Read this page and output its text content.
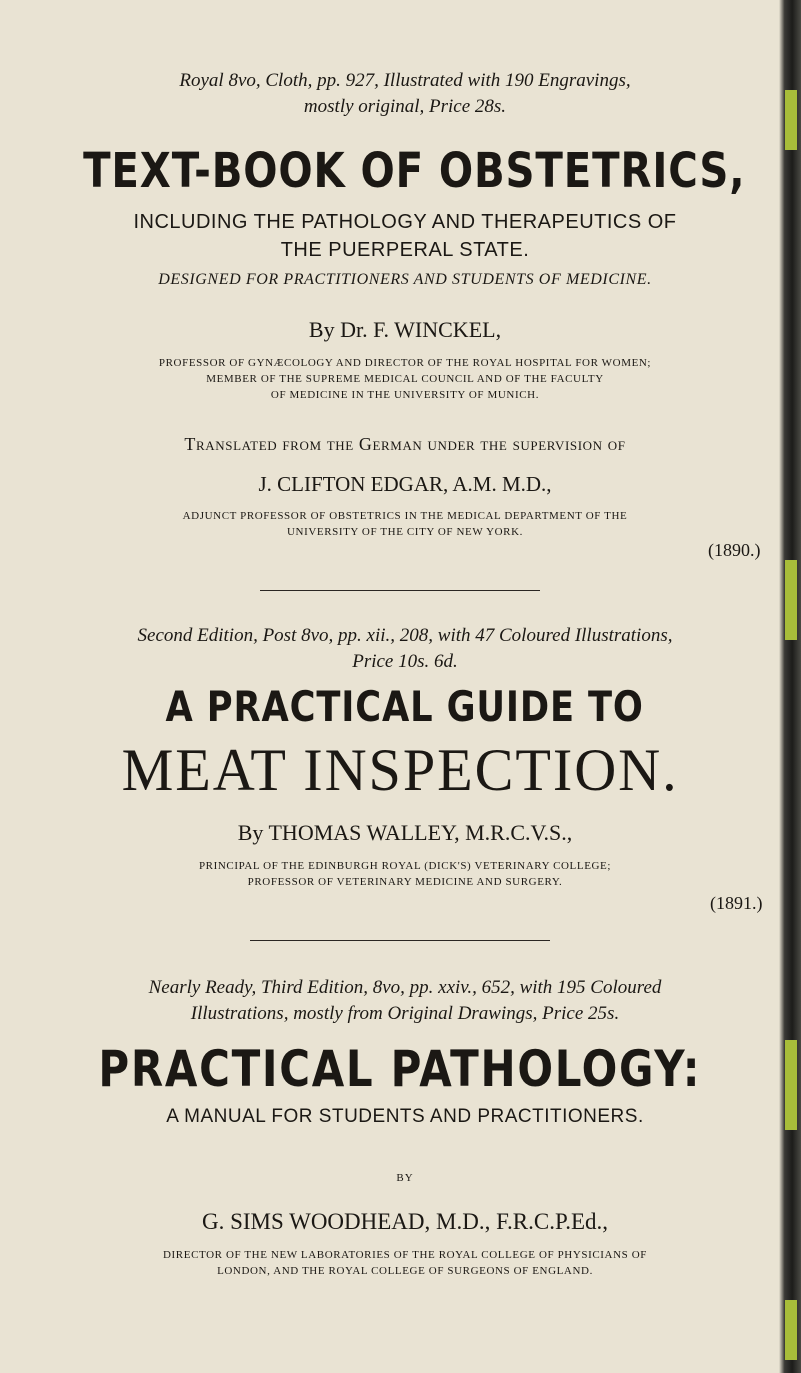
Royal 8vo, Cloth, pp. 927, Illustrated with 190 Engravings,
mostly original, Price 28s.
TEXT-BOOK OF OBSTETRICS,
INCLUDING THE PATHOLOGY AND THERAPEUTICS OF
THE PUERPERAL STATE.
DESIGNED FOR PRACTITIONERS AND STUDENTS OF MEDICINE.
By Dr. F. WINCKEL,
PROFESSOR OF GYNÆCOLOGY AND DIRECTOR OF THE ROYAL HOSPITAL FOR WOMEN;
MEMBER OF THE SUPREME MEDICAL COUNCIL AND OF THE FACULTY
OF MEDICINE IN THE UNIVERSITY OF MUNICH.
Translated from the German under the supervision of
J. CLIFTON EDGAR, A.M. M.D.,
ADJUNCT PROFESSOR OF OBSTETRICS IN THE MEDICAL DEPARTMENT OF THE
UNIVERSITY OF THE CITY OF NEW YORK.
(1890.)
Second Edition, Post 8vo, pp. xii., 208, with 47 Coloured Illustrations,
Price 10s. 6d.
A PRACTICAL GUIDE TO
MEAT INSPECTION.
By THOMAS WALLEY, M.R.C.V.S.,
PRINCIPAL OF THE EDINBURGH ROYAL (DICK'S) VETERINARY COLLEGE;
PROFESSOR OF VETERINARY MEDICINE AND SURGERY.
(1891.)
Nearly Ready, Third Edition, 8vo, pp. xxiv., 652, with 195 Coloured
Illustrations, mostly from Original Drawings, Price 25s.
PRACTICAL PATHOLOGY:
A MANUAL FOR STUDENTS AND PRACTITIONERS.
BY
G. SIMS WOODHEAD, M.D., F.R.C.P.Ed.,
DIRECTOR OF THE NEW LABORATORIES OF THE ROYAL COLLEGE OF PHYSICIANS OF
LONDON, AND THE ROYAL COLLEGE OF SURGEONS OF ENGLAND.
